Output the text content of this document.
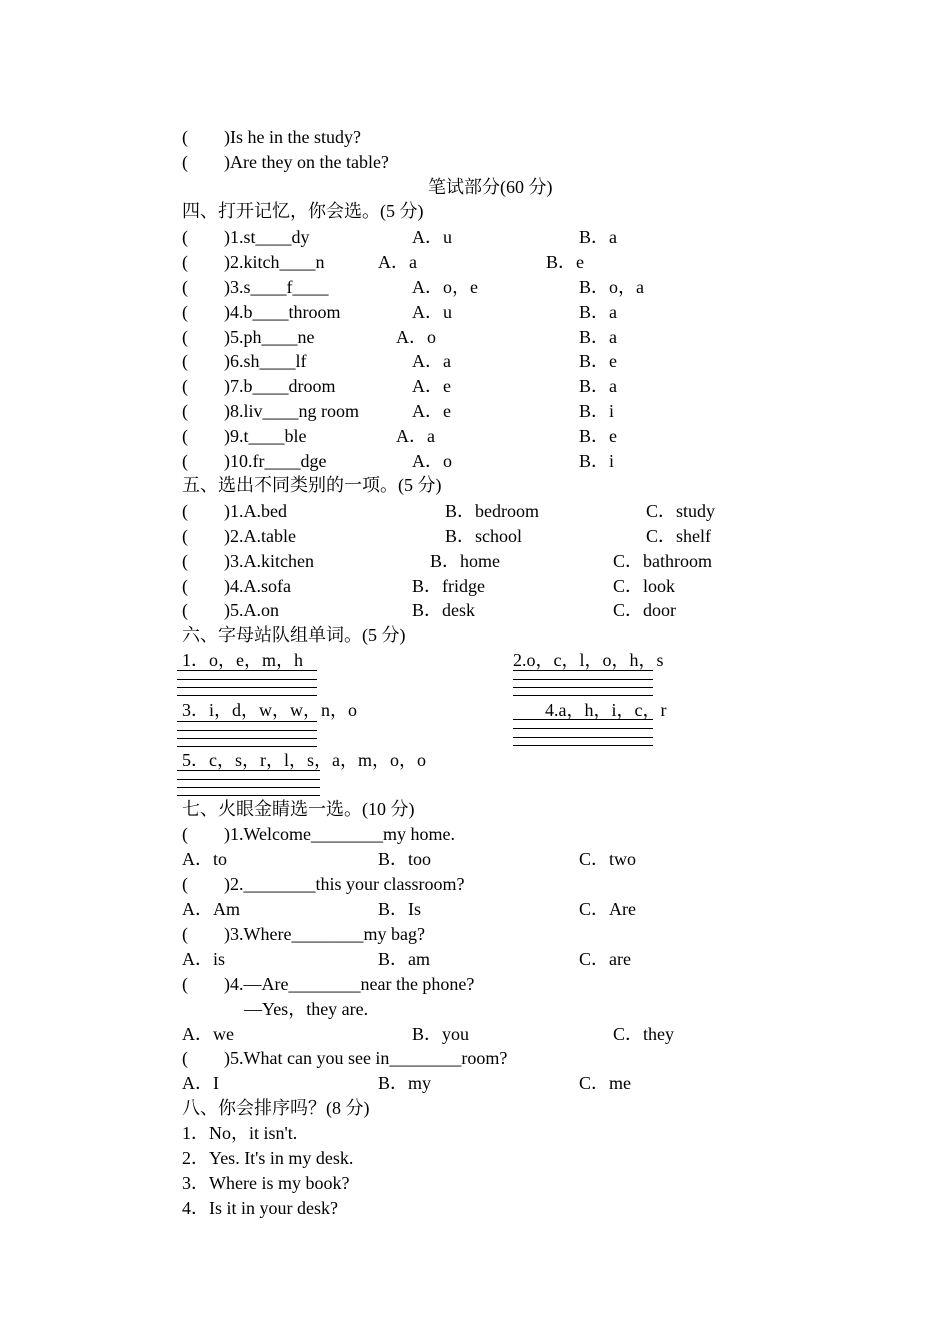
(        )Is he in the study?
(        )Are they on the table?
笔试部分(60 分)
四、打开记忆，你会选。(5 分)
(        )1.st____dy	A．u	B．a
(        )2.kitch____n	A．a	B．e
(        )3.s____f____	A．o，e	B．o，a
(        )4.b____throom	A．u	B．a
(        )5.ph____ne	A．o	B．a
(        )6.sh____lf	A．a	B．e
(        )7.b____droom	A．e	B．a
(        )8.liv____ng room	A．e	B．i
(        )9.t____ble	A．a	B．e
(        )10.fr____dge	A．o	B．i
五、选出不同类别的一项。(5 分)
(        )1.A.bed	B．bedroom	C．study
(        )2.A.table	B．school	C．shelf
(        )3.A.kitchen	B．home	C．bathroom
(        )4.A.sofa	B．fridge	C．look
(        )5.A.on	B．desk	C．door
六、字母站队组单词。(5 分)
1．o，e，m，h	2.o，c，l，o，h，s
3．i，d，w，w，n，o	4.a，h，i，c，r
5．c，s，r，l，s，a，m，o，o
七、火眼金睛选一选。(10 分)
(        )1.Welcome________my home.
A．to	B．too	C．two
(        )2.________this your classroom?
A．Am	B．Is	C．Are
(        )3.Where________my bag?
A．is	B．am	C．are
(        )4.—Are________near the phone?
—Yes，they are.
A．we	B．you	C．they
(        )5.What can you see in________room?
A．I	B．my	C．me
八、你会排序吗？(8 分)
1．No，it isn't.
2．Yes. It's in my desk.
3．Where is my book?
4．Is it in your desk?
